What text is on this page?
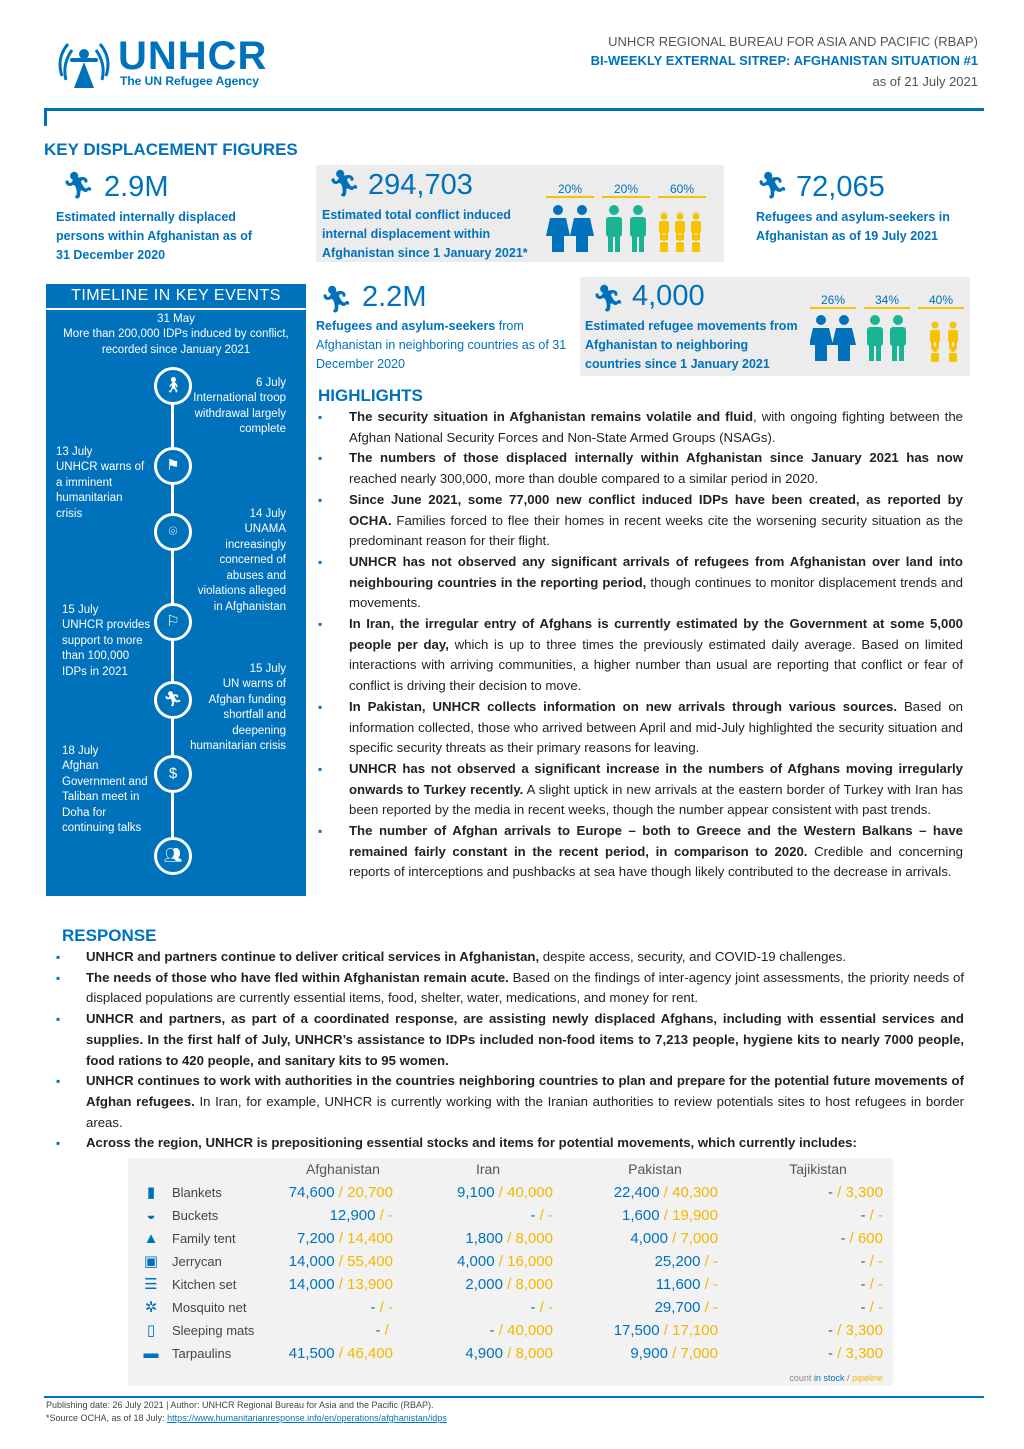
UNHCR
The UN Refugee Agency
UNHCR REGIONAL BUREAU FOR ASIA AND PACIFIC (RBAP)
BI-WEEKLY EXTERNAL SITREP: AFGHANISTAN SITUATION #1
as of 21 July 2021
KEY DISPLACEMENT FIGURES
🏃︎ 2.9M
Estimated internally displaced persons within Afghanistan as of 31 December 2020
🏃︎ 294,703
Estimated total conflict induced internal displacement within Afghanistan since 1 January 2021*
20%	20%	60%	🏃︎ 72,065
Refugees and asylum-seekers in Afghanistan as of 19 July 2021
🏃︎ 2.2M
Refugees and asylum-seekers from Afghanistan in neighboring countries as of 31 December 2020
🏃︎ 4,000
Estimated refugee movements from Afghanistan to neighboring countries since 1 January 2021
26%	34%	40%
TIMELINE IN KEY EVENTS
31 May
More than 200,000 IDPs induced by conflict, recorded since January 2021
🚶︎
⚑
⌾
⚐
🏃︎
$
👥︎
6 July
International troop withdrawal largely complete
13 July
UNHCR warns of a imminent humanitarian crisis	14 July
UNAMA increasingly concerned of abuses and violations alleged in Afghanistan
15 July
UNHCR provides support to more than 100,000 IDPs in 2021	15 July
UN warns of Afghan funding shortfall and deepening humanitarian crisis
18 July
Afghan Government and Taliban meet in Doha for continuing talks
HIGHLIGHTS
▪ The security situation in Afghanistan remains volatile and fluid, with ongoing fighting between the Afghan National Security Forces and Non-State Armed Groups (NSAGs).
▪ The numbers of those displaced internally within Afghanistan since January 2021 has now reached nearly 300,000, more than double compared to a similar period in 2020.
▪ Since June 2021, some 77,000 new conflict induced IDPs have been created, as reported by OCHA. Families forced to flee their homes in recent weeks cite the worsening security situation as the predominant reason for their flight.
▪ UNHCR has not observed any significant arrivals of refugees from Afghanistan over land into neighbouring countries in the reporting period, though continues to monitor displacement trends and movements.
▪ In Iran, the irregular entry of Afghans is currently estimated by the Government at some 5,000 people per day, which is up to three times the previously estimated daily average. Based on limited interactions with arriving communities, a higher number than usual are reporting that conflict or fear of conflict is driving their decision to move.
▪ In Pakistan, UNHCR collects information on new arrivals through various sources. Based on information collected, those who arrived between April and mid-July highlighted the security situation and specific security threats as their primary reasons for leaving.
▪ UNHCR has not observed a significant increase in the numbers of Afghans moving irregularly onwards to Turkey recently. A slight uptick in new arrivals at the eastern border of Turkey with Iran has been reported by the media in recent weeks, though the number appear consistent with past trends.
▪ The number of Afghan arrivals to Europe – both to Greece and the Western Balkans – have remained fairly constant in the recent period, in comparison to 2020. Credible and concerning reports of interceptions and pushbacks at sea have though likely contributed to the decrease in arrivals.
RESPONSE
▪ UNHCR and partners continue to deliver critical services in Afghanistan, despite access, security, and COVID-19 challenges.
▪ The needs of those who have fled within Afghanistan remain acute. Based on the findings of inter-agency joint assessments, the priority needs of displaced populations are currently essential items, food, shelter, water, medications, and money for rent.
▪ UNHCR and partners, as part of a coordinated response, are assisting newly displaced Afghans, including with essential services and supplies. In the first half of July, UNHCR’s assistance to IDPs included non-food items to 7,213 people, hygiene kits to nearly 7000 people, food rations to 420 people, and sanitary kits to 95 women.
▪ UNHCR continues to work with authorities in the countries neighboring countries to plan and prepare for the potential future movements of Afghan refugees. In Iran, for example, UNHCR is currently working with the Iranian authorities to review potentials sites to host refugees in border areas.
▪ Across the region, UNHCR is prepositioning essential stocks and items for potential movements, which currently includes:
Afghanistan	Iran	Pakistan	Tajikistan
▮	Blankets	74,600 / 20,700	9,100 / 40,000	22,400 / 40,300	- / 3,300
◒	Buckets	12,900 / -	- / -	1,600 / 19,900	- / -
▲ Family tent	7,200 / 14,400	1,800 / 8,000	4,000 / 7,000	- / 600
▣ Jerrycan	14,000 / 55,400	4,000 / 16,000	25,200 / -	- / -
☰ Kitchen set	14,000 / 13,900	2,000 / 8,000	11,600 / -	- / -
✲ Mosquito net	- / -	- / -	29,700 / -	- / -
▯	Sleeping mats	- /	- / 40,000	17,500 / 17,100	- / 3,300
▬ Tarpaulins	41,500 / 46,400	4,900 / 8,000	9,900 / 7,000	- / 3,300
count in stock / pipeline
Publishing date: 26 July 2021 | Author: UNHCR Regional Bureau for Asia and the Pacific (RBAP).
*Source OCHA, as of 18 July: https://www.humanitarianresponse.info/en/operations/afghanistan/idps
